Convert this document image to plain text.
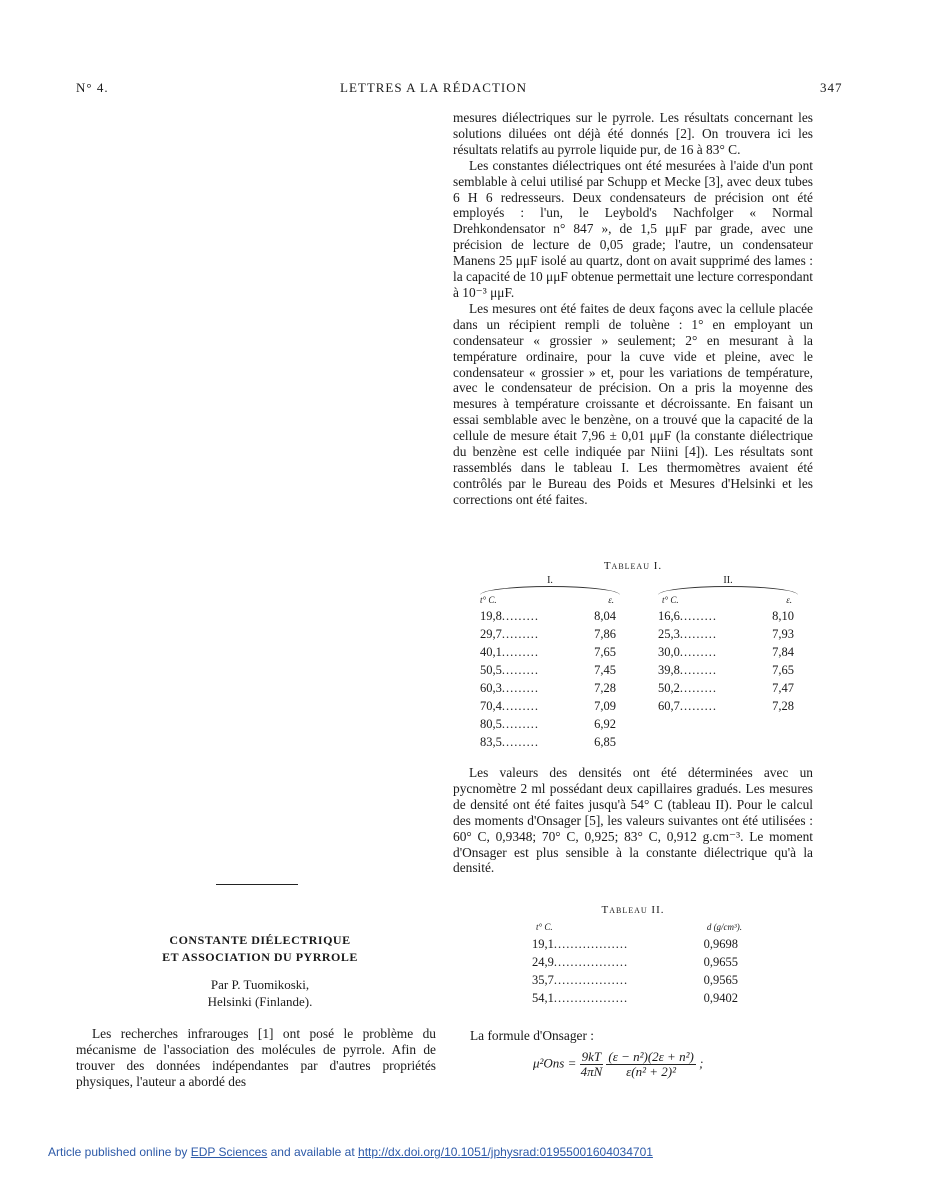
N° 4.	LETTRES A LA RÉDACTION	347

mesures diélectriques sur le pyrrole. Les résultats concernant les solutions diluées ont déjà été donnés [2]. On trouvera ici les résultats relatifs au pyrrole liquide pur, de 16 à 83° C.

Les constantes diélectriques ont été mesurées à l'aide d'un pont semblable à celui utilisé par Schupp et Mecke [3], avec deux tubes 6 H 6 redresseurs. Deux condensateurs de précision ont été employés : l'un, le Leybold's Nachfolger « Normal Drehkondensator n° 847 », de 1,5 μμF par grade, avec une précision de lecture de 0,05 grade; l'autre, un condensateur Manens 25 μμF isolé au quartz, dont on avait supprimé des lames : la capacité de 10 μμF obtenue permettait une lecture correspondant à 10⁻³ μμF.

Les mesures ont été faites de deux façons avec la cellule placée dans un récipient rempli de toluène : 1° en employant un condensateur « grossier » seulement; 2° en mesurant à la température ordinaire, pour la cuve vide et pleine, avec le condensateur « grossier » et, pour les variations de température, avec le condensateur de précision. On a pris la moyenne des mesures à température croissante et décroissante. En faisant un essai semblable avec le benzène, on a trouvé que la capacité de la cellule de mesure était 7,96 ± 0,01 μμF (la constante diélectrique du benzène est celle indiquée par Niini [4]). Les résultats sont rassemblés dans le tableau I. Les thermomètres avaient été contrôlés par le Bureau des Poids et Mesures d'Helsinki et les corrections ont été faites.

Tableau I.
I.
t° C.	ε.
19,8.........	8,04
29,7.........	7,86
40,1.........	7,65
50,5.........	7,45
60,3.........	7,28
70,4.........	7,09
80,5.........	6,92
83,5.........	6,85
II.
t° C.	ε.
16,6.........	8,10
25,3.........	7,93
30,0.........	7,84
39,8.........	7,65
50,2.........	7,47
60,7.........	7,28

Les valeurs des densités ont été déterminées avec un pycnomètre 2 ml possédant deux capillaires gradués. Les mesures de densité ont été faites jusqu'à 54° C (tableau II). Pour le calcul des moments d'Onsager [5], les valeurs suivantes ont été utilisées : 60° C, 0,9348; 70° C, 0,925; 83° C, 0,912 g.cm⁻³. Le moment d'Onsager est plus sensible à la constante diélectrique qu'à la densité.

CONSTANTE DIÉLECTRIQUE
ET ASSOCIATION DU PYRROLE
Par P. Tuomikoski,
Helsinki (Finlande).

Les recherches infrarouges [1] ont posé le problème du mécanisme de l'association des molécules de pyrrole. Afin de trouver des données indépendantes par d'autres propriétés physiques, l'auteur a abordé des

Tableau II.
t° C.	d (g/cm³).
19,1..................	0,9698
24,9..................	0,9655
35,7..................	0,9565
54,1..................	0,9402
La formule d'Onsager :
$\mu^2Ons = \frac{9kT}{4\pi N}$
$\frac{\text{(ε − n²)(2ε + n²)}}{\text{ε(n² + 2)²}}$ ;
Article published online by EDP Sciences and available at http://dx.doi.org/10.1051/jphysrad:01955001604034701
